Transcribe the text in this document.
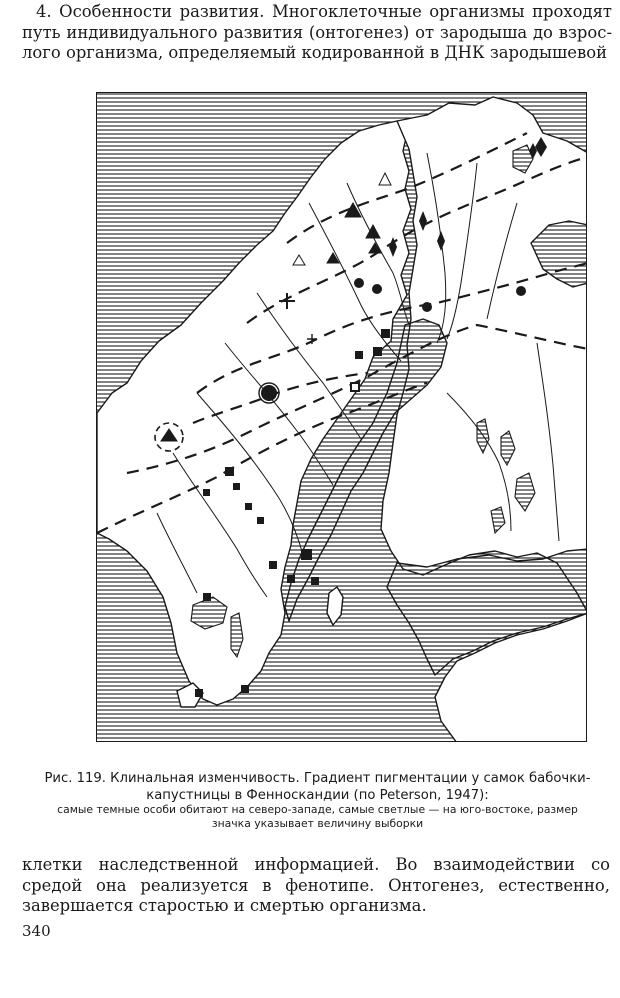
4. Особенности развития. Многоклеточные организмы проходят путь индивидуального развития (онтогенез) от зародыша до взрос- лого организма, определяемый кодированной в ДНК зародышевой

Рис. 119. Клинальная изменчивость. Градиент пигментации у самок бабочки-капустницы в Фенноскандии (по Peterson, 1947):

самые темные особи обитают на северо-западе, самые светлые — на юго-востоке, размер значка указывает величину выборки

клетки наследственной информацией. Во взаимодействии со средой она реализуется в фенотипе. Онтогенез, естественно, завершается старостью и смертью организма.

340
